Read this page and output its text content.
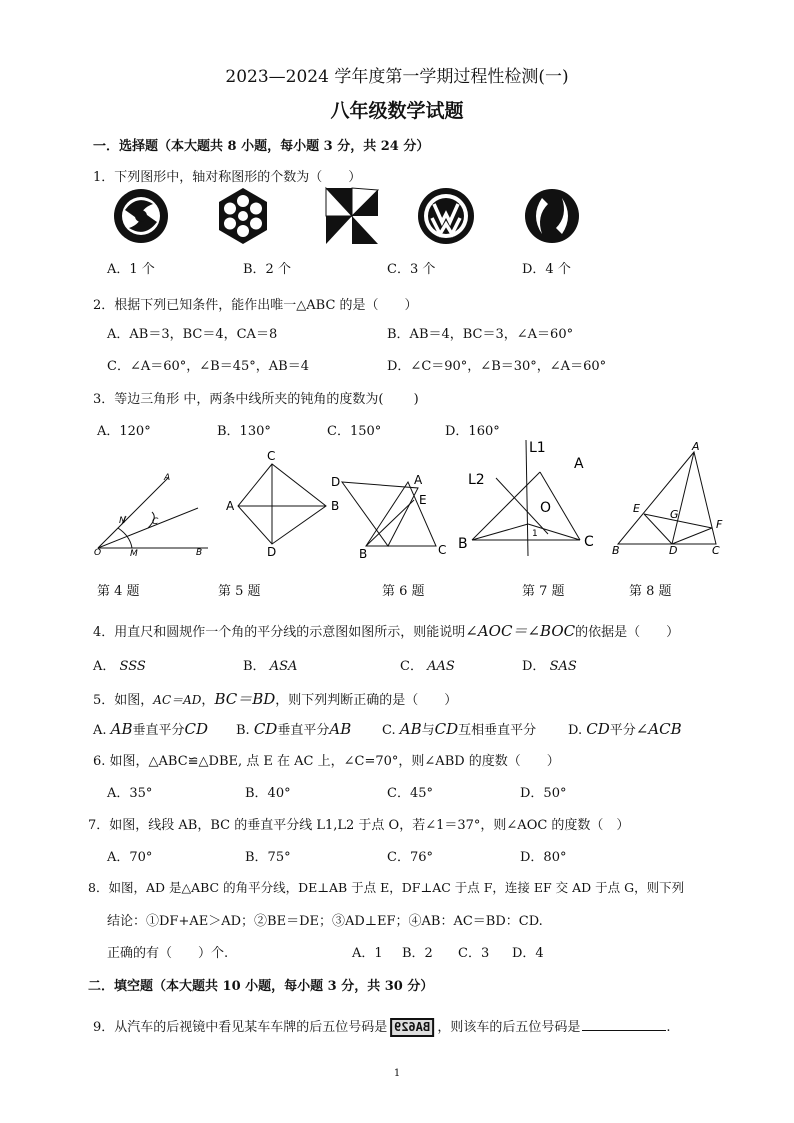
2023—2024 学年度第一学期过程性检测(一)
八年级数学试题
一．选择题（本大题共 8 小题，每小题 3 分，共 24 分）
1．下列图形中，轴对称图形的个数为（　　）
A．1 个	B．2 个	C．3 个	D．4 个
2．根据下列已知条件，能作出唯一△ABC 的是（　　）
A．AB＝3，BC＝4，CA＝8	B．AB＝4，BC＝3，∠A＝60°
C．∠A＝60°，∠B＝45°，AB＝4	D．∠C＝90°，∠B＝30°，∠A＝60°
3．等边三角形 中，两条中线所夹的钝角的度数为(　　 )
A．120°	B．130°	C．150°	D．160°
A
N	C
O	M	B
C
A	B
D
D	A
E
B	C
L1
L2
A
O
B	C
1
A
E	G
F
B	D	C
第 4 题	第 5 题	第 6 题	第 7 题	第 8 题
4．用直尺和圆规作一个角的平分线的示意图如图所示，则能说明∠AOC＝∠BOC的依据是（　　）
A． SSS	B． ASA	C． AAS	D． SAS
5．如图，AC＝AD，BC＝BD，则下列判断正确的是（　　）
A. AB垂直平分CD B. CD垂直平分AB C. AB与CD互相垂直平分 D. CD平分∠ACB
6. 如图，△ABC≌△DBE, 点 E 在 AC 上，∠C=70°，则∠ABD 的度数（　　）
A．35°	B．40°	C．45°	D．50°
7．如图，线段 AB，BC 的垂直平分线 L1,L2 于点 O，若∠1＝37°，则∠AOC 的度数（　）
A．70°	B．75°	C．76°	D．80°
8．如图，AD 是△ABC 的角平分线，DE⊥AB 于点 E，DF⊥AC 于点 F，连接 EF 交 AD 于点 G，则下列
结论：①DF+AE＞AD；②BE＝DE；③AD⊥EF；④AB：AC＝BD：CD.
正确的有（　　）个.	A．1 B．2 C．3 D．4
二．填空题（本大题共 10 小题，每小题 3 分，共 30 分）
9．从汽车的后视镜中看见某车车牌的后五位号码是 BA629 ，则该车的后五位号码是	.
1
